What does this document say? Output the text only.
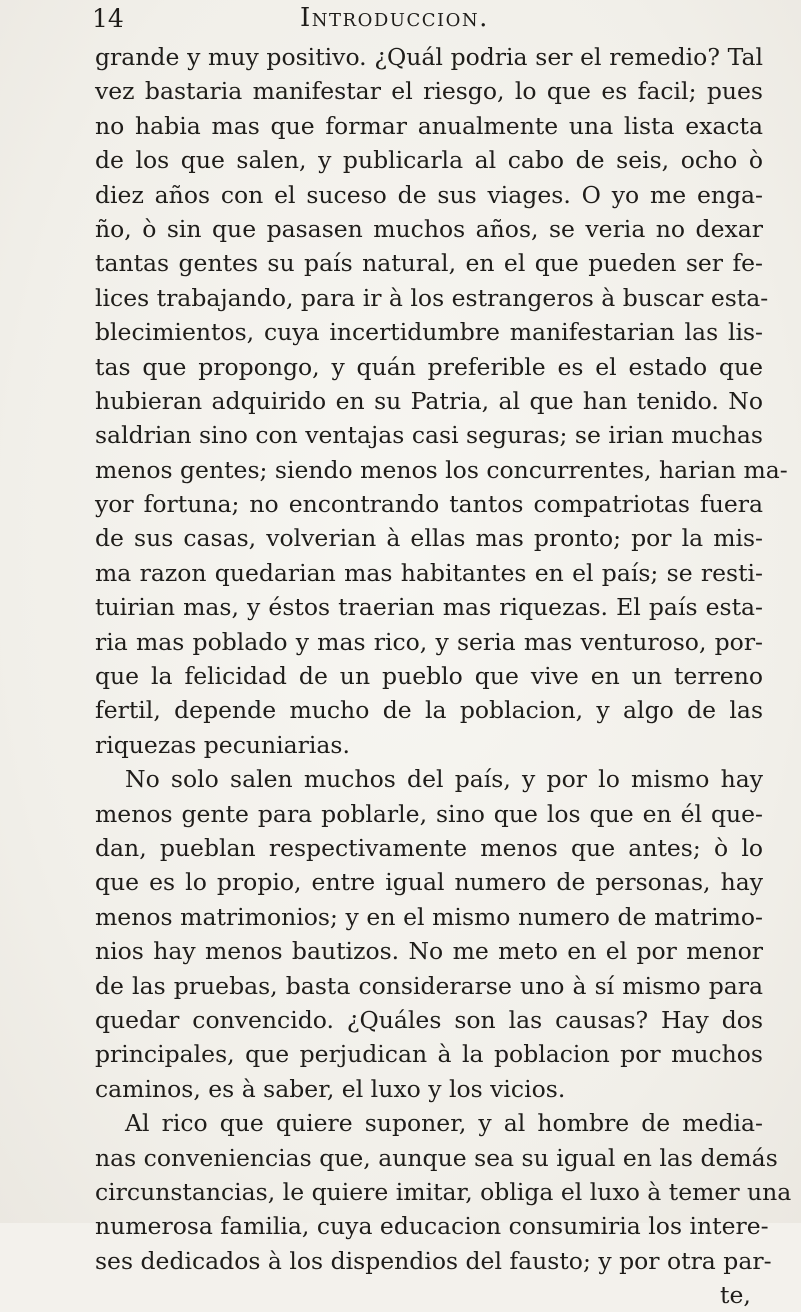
14	Introduccion.
grande y muy positivo. ¿Quál podria ser el remedio? Tal
vez bastaria manifestar el riesgo, lo que es facil; pues
no habia mas que formar anualmente una lista exacta
de los que salen, y publicarla al cabo de seis, ocho ò
diez años con el suceso de sus viages. O yo me enga-
ño, ò sin que pasasen muchos años, se veria no dexar
tantas gentes su país natural, en el que pueden ser fe-
lices trabajando, para ir à los estrangeros à buscar esta-
blecimientos, cuya incertidumbre manifestarian las lis-
tas que propongo, y quán preferible es el estado que
hubieran adquirido en su Patria, al que han tenido. No
saldrian sino con ventajas casi seguras; se irian muchas
menos gentes; siendo menos los concurrentes, harian ma-
yor fortuna; no encontrando tantos compatriotas fuera
de sus casas, volverian à ellas mas pronto; por la mis-
ma razon quedarian mas habitantes en el país; se resti-
tuirian mas, y éstos traerian mas riquezas. El país esta-
ria mas poblado y mas rico, y seria mas venturoso, por-
que la felicidad de un pueblo que vive en un terreno
fertil, depende mucho de la poblacion, y algo de las
riquezas pecuniarias.
No solo salen muchos del país, y por lo mismo hay
menos gente para poblarle, sino que los que en él que-
dan, pueblan respectivamente menos que antes; ò lo
que es lo propio, entre igual numero de personas, hay
menos matrimonios; y en el mismo numero de matrimo-
nios hay menos bautizos. No me meto en el por menor
de las pruebas, basta considerarse uno à sí mismo para
quedar convencido. ¿Quáles son las causas? Hay dos
principales, que perjudican à la poblacion por muchos
caminos, es à saber, el luxo y los vicios.
Al rico que quiere suponer, y al hombre de media-
nas conveniencias que, aunque sea su igual en las demás
circunstancias, le quiere imitar, obliga el luxo à temer una
numerosa familia, cuya educacion consumiria los intere-
ses dedicados à los dispendios del fausto; y por otra par-
te,
